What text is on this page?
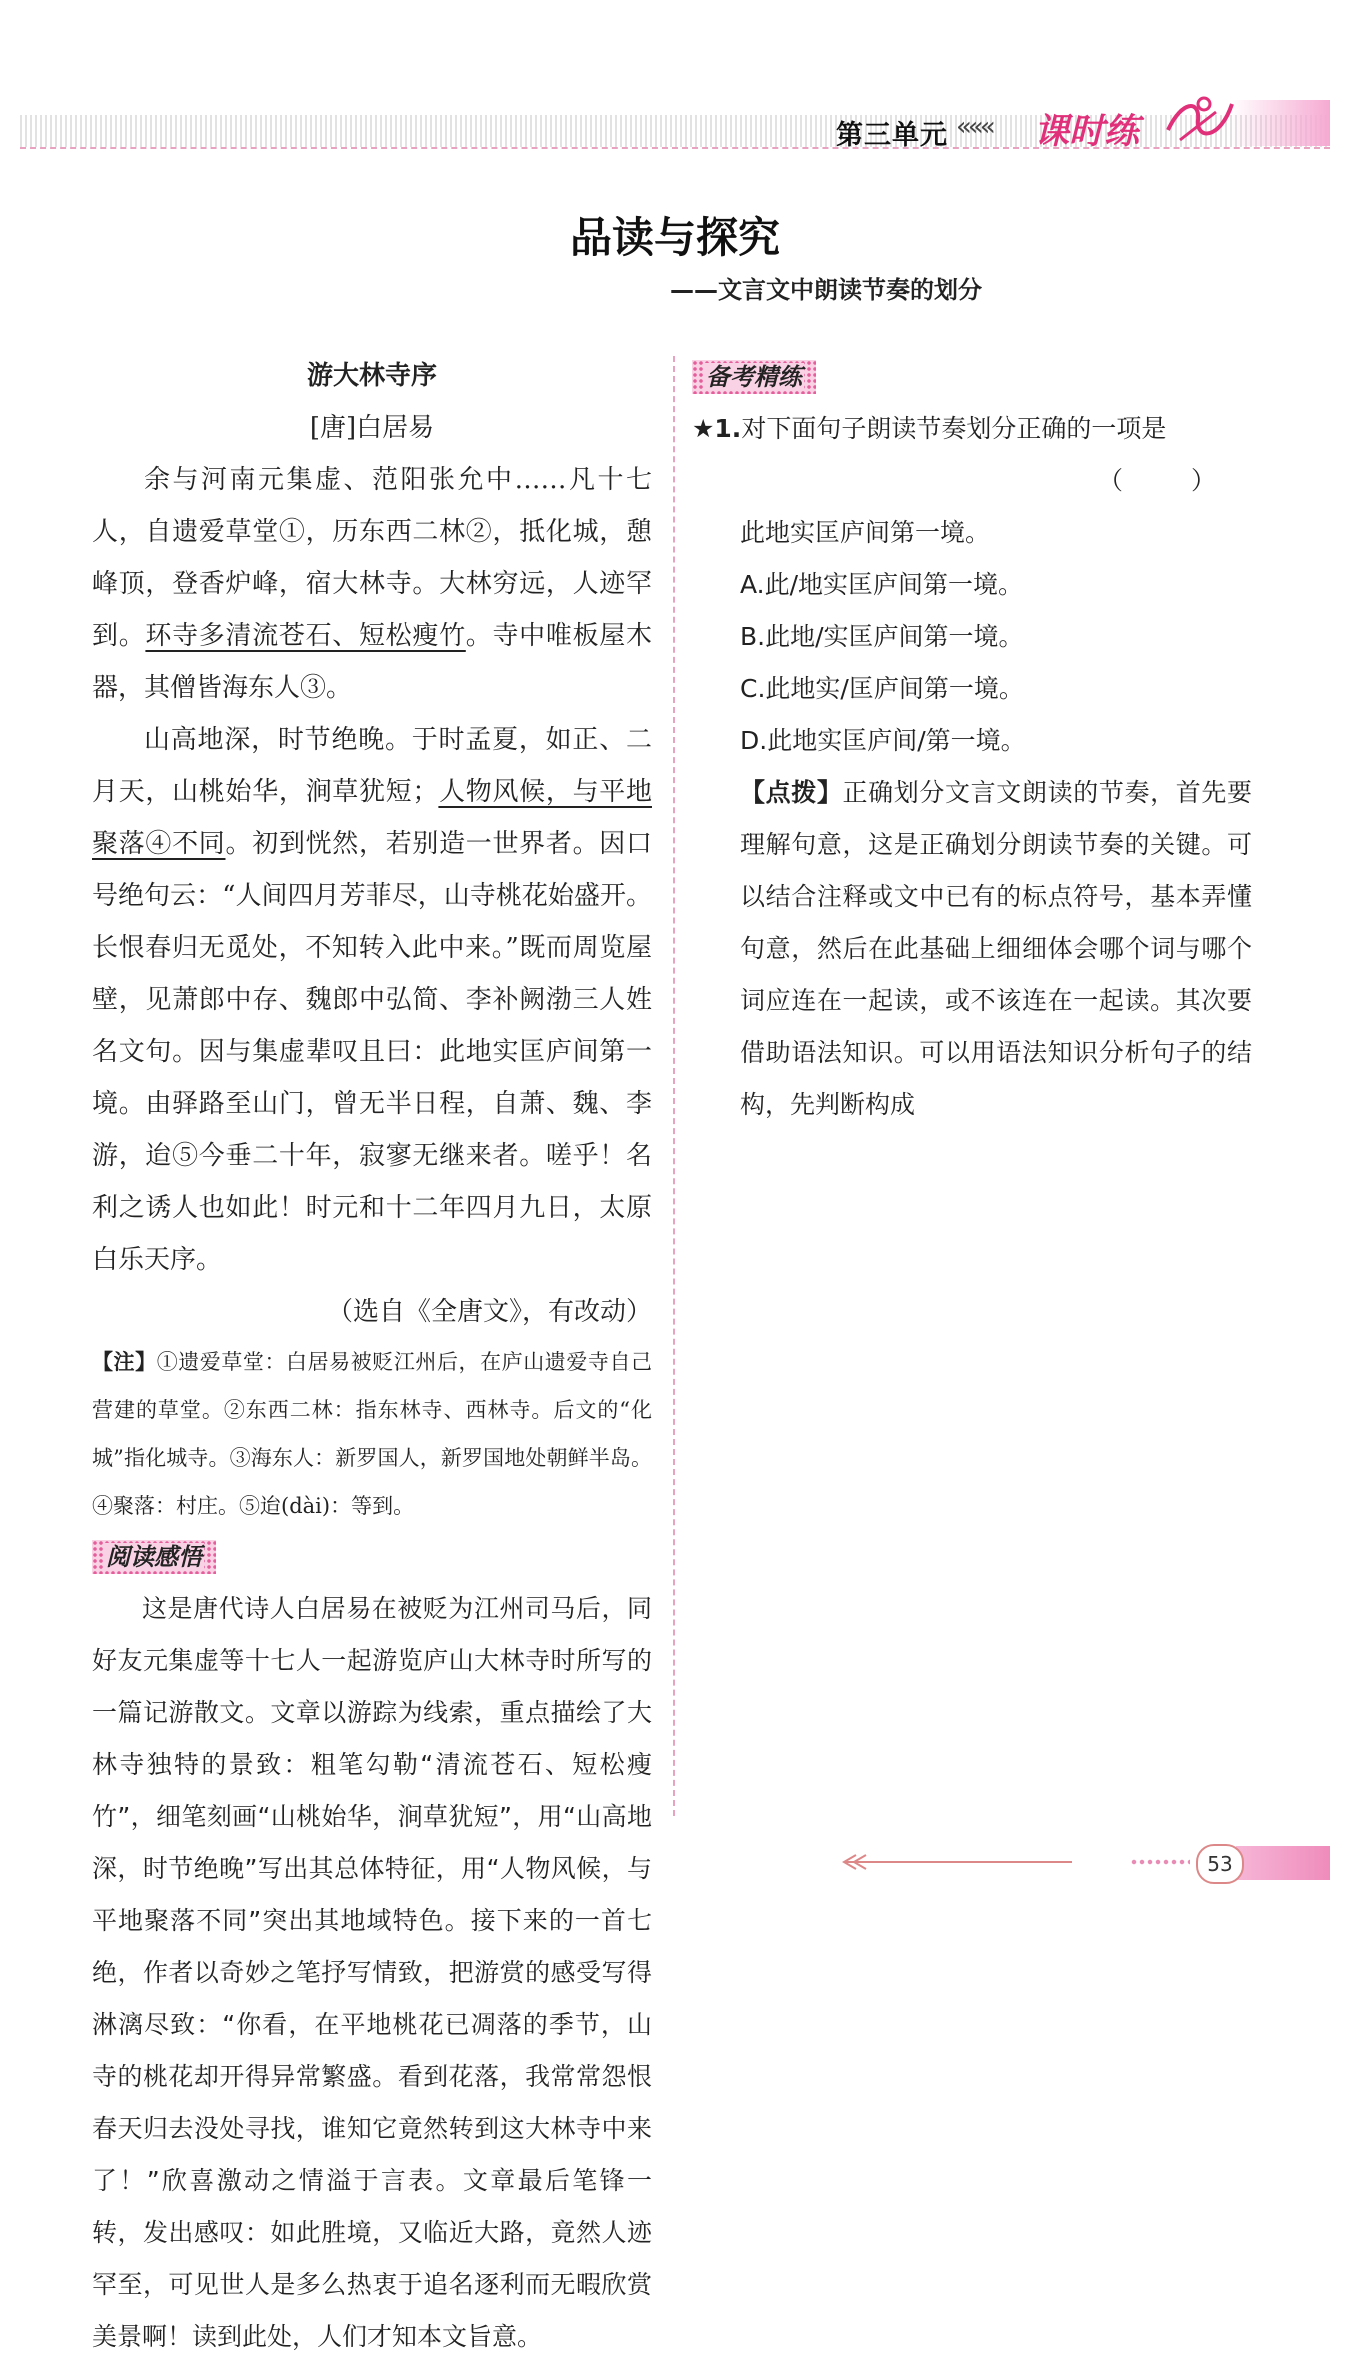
第三单元 ««« 课时练
品读与探究
——文言文中朗读节奏的划分
游大林寺序
[唐]白居易
余与河南元集虚、范阳张允中……凡十七人，自遗爱草堂①，历东西二林②，抵化城，憩峰顶，登香炉峰，宿大林寺。大林穷远，人迹罕到。环寺多清流苍石、短松瘦竹。寺中唯板屋木器，其僧皆海东人③。
山高地深，时节绝晚。于时孟夏，如正、二月天，山桃始华，涧草犹短；人物风候，与平地聚落④不同。初到恍然，若别造一世界者。因口号绝句云：“人间四月芳菲尽，山寺桃花始盛开。长恨春归无觅处，不知转入此中来。”既而周览屋壁，见萧郎中存、魏郎中弘简、李补阙渤三人姓名文句。因与集虚辈叹且曰：此地实匡庐间第一境。由驿路至山门，曾无半日程，自萧、魏、李游，迨⑤今垂二十年，寂寥无继来者。嗟乎！名利之诱人也如此！时元和十二年四月九日，太原白乐天序。
（选自《全唐文》，有改动）
【注】①遗爱草堂：白居易被贬江州后，在庐山遗爱寺自己营建的草堂。②东西二林：指东林寺、西林寺。后文的“化城”指化城寺。③海东人：新罗国人，新罗国地处朝鲜半岛。④聚落：村庄。⑤迨(dài)：等到。
阅读感悟
这是唐代诗人白居易在被贬为江州司马后，同好友元集虚等十七人一起游览庐山大林寺时所写的一篇记游散文。文章以游踪为线索，重点描绘了大林寺独特的景致：粗笔勾勒“清流苍石、短松瘦竹”，细笔刻画“山桃始华，涧草犹短”，用“山高地深，时节绝晚”写出其总体特征，用“人物风候，与平地聚落不同”突出其地域特色。接下来的一首七绝，作者以奇妙之笔抒写情致，把游赏的感受写得淋漓尽致：“你看，在平地桃花已凋落的季节，山寺的桃花却开得异常繁盛。看到花落，我常常怨恨春天归去没处寻找，谁知它竟然转到这大林寺中来了！”欣喜激动之情溢于言表。文章最后笔锋一转，发出感叹：如此胜境，又临近大路，竟然人迹罕至，可见世人是多么热衷于追名逐利而无暇欣赏美景啊！读到此处，人们才知本文旨意。
备考精练
★1.对下面句子朗读节奏划分正确的一项是
（ ）
此地实匡庐间第一境。
A.此/地实匡庐间第一境。
B.此地/实匡庐间第一境。
C.此地实/匡庐间第一境。
D.此地实匡庐间/第一境。
【点拨】正确划分文言文朗读的节奏，首先要理解句意，这是正确划分朗读节奏的关键。可以结合注释或文中已有的标点符号，基本弄懂句意，然后在此基础上细细体会哪个词与哪个词应连在一起读，或不该连在一起读。其次要借助语法知识。可以用语法知识分析句子的结构，先判断构成
53
